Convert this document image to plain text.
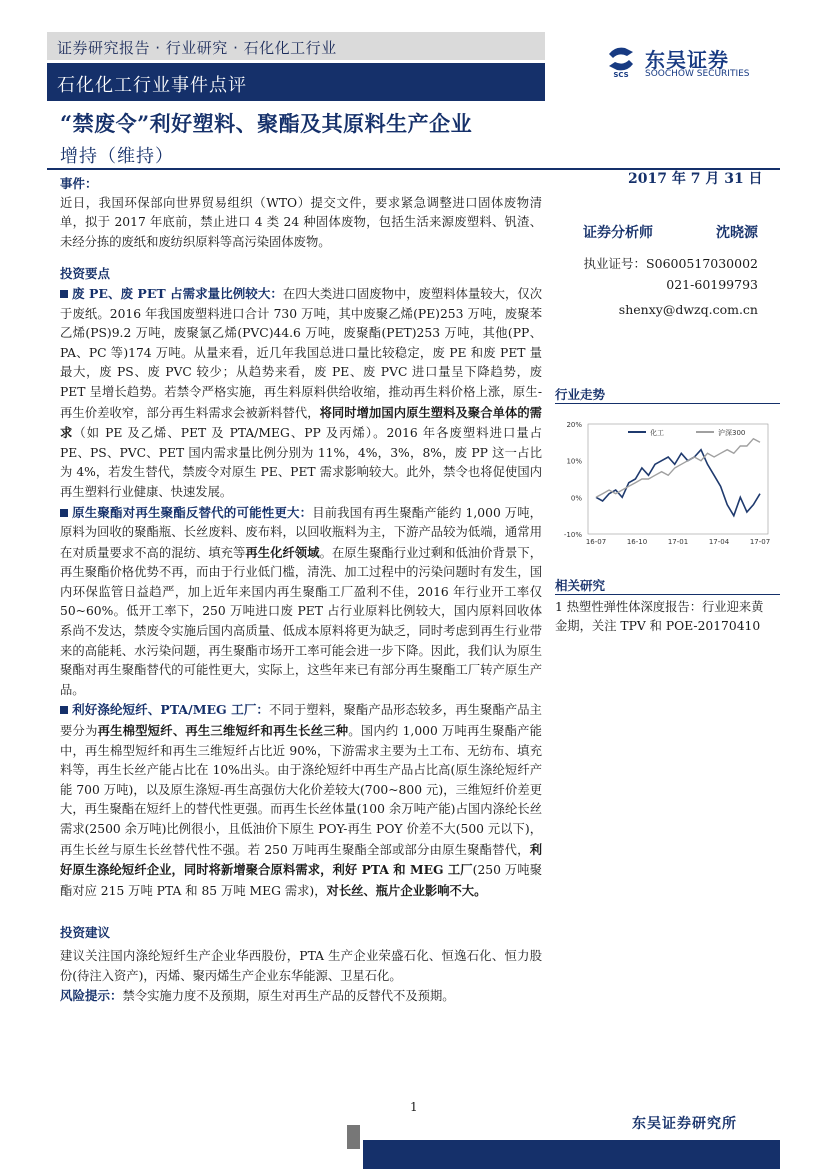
证券研究报告 · 行业研究 · 石化化工行业
石化化工行业事件点评	SCS
东吴证券
SOOCHOW SECURITIES
“禁废令”利好塑料、聚酯及其原料生产企业
增持（维持）
事件：
近日，我国环保部向世界贸易组织（WTO）提交文件，要求紧急调整进口固体废物清单，拟于 2017 年底前，禁止进口 4 类 24 种固体废物，包括生活来源废塑料、钒渣、未经分拣的废纸和废纺织原料等高污染固体废物。
投资要点
废 PE、废 PET 占需求量比例较大：在四大类进口固废物中，废塑料体量较大，仅次于废纸。2016 年我国废塑料进口合计 730 万吨，其中废聚乙烯(PE)253 万吨，废聚苯乙烯(PS)9.2 万吨，废聚氯乙烯(PVC)44.6 万吨，废聚酯(PET)253 万吨，其他(PP、PA、PC 等)174 万吨。从量来看，近几年我国总进口量比较稳定，废 PE 和废 PET 量最大，废 PS、废 PVC 较少；从趋势来看，废 PE、废 PVC 进口量呈下降趋势，废 PET 呈增长趋势。若禁令严格实施，再生料原料供给收缩，推动再生料价格上涨，原生-再生价差收窄，部分再生料需求会被新料替代，将同时增加国内原生塑料及聚合单体的需求（如 PE 及乙烯、PET 及 PTA/MEG、PP 及丙烯）。2016 年各废塑料进口量占 PE、PS、PVC、PET 国内需求量比例分别为 11%，4%，3%，8%，废 PP 这一占比为 4%，若发生替代，禁废令对原生 PE、PET 需求影响较大。此外，禁令也将促使国内再生塑料行业健康、快速发展。
原生聚酯对再生聚酯反替代的可能性更大：目前我国有再生聚酯产能约 1,000 万吨，原料为回收的聚酯瓶、长丝废料、废布料，以回收瓶料为主，下游产品较为低端，通常用在对质量要求不高的混纺、填充等再生化纤领域。在原生聚酯行业过剩和低油价背景下，再生聚酯价格优势不再，而由于行业低门槛，清洗、加工过程中的污染问题时有发生，国内环保监管日益趋严，加上近年来国内再生聚酯工厂盈利不佳，2016 年行业开工率仅 50~60%。低开工率下，250 万吨进口废 PET 占行业原料比例较大，国内原料回收体系尚不发达，禁废令实施后国内高质量、低成本原料将更为缺乏，同时考虑到再生行业带来的高能耗、水污染问题，再生聚酯市场开工率可能会进一步下降。因此，我们认为原生聚酯对再生聚酯替代的可能性更大，实际上，这些年来已有部分再生聚酯工厂转产原生产品。
利好涤纶短纤、PTA/MEG 工厂：不同于塑料，聚酯产品形态较多，再生聚酯产品主要分为再生棉型短纤、再生三维短纤和再生长丝三种。国内约 1,000 万吨再生聚酯产能中，再生棉型短纤和再生三维短纤占比近 90%，下游需求主要为土工布、无纺布、填充料等，再生长丝产能占比在 10%出头。由于涤纶短纤中再生产品占比高(原生涤纶短纤产能 700 万吨)，以及原生涤短-再生高强仿大化价差较大(700~800 元)，三维短纤价差更大，再生聚酯在短纤上的替代性更强。而再生长丝体量(100 余万吨产能)占国内涤纶长丝需求(2500 余万吨)比例很小，且低油价下原生 POY-再生 POY 价差不大(500 元以下)，再生长丝与原生长丝替代性不强。若 250 万吨再生聚酯全部或部分由原生聚酯替代，利好原生涤纶短纤企业，同时将新增聚合原料需求，利好 PTA 和 MEG 工厂(250 万吨聚酯对应 215 万吨 PTA 和 85 万吨 MEG 需求)，对长丝、瓶片企业影响不大。
投资建议
建议关注国内涤纶短纤生产企业华西股份，PTA 生产企业荣盛石化、恒逸石化、恒力股份(待注入资产)，丙烯、聚丙烯生产企业东华能源、卫星石化。
风险提示：禁令实施力度不及预期，原生对再生产品的反替代不及预期。
2017 年 7 月 31 日
证券分析师	沈晓源
执业证号：S0600517030002
021-60199793
shenxy@dwzq.com.cn
行业走势
20%
10%
0%
-10%
16-07	16-10	17-01	17-04	17-07
化工	沪深300
相关研究
1 热塑性弹性体深度报告：行业迎来黄金期，关注 TPV 和 POE-20170410
1
东吴证券研究所
